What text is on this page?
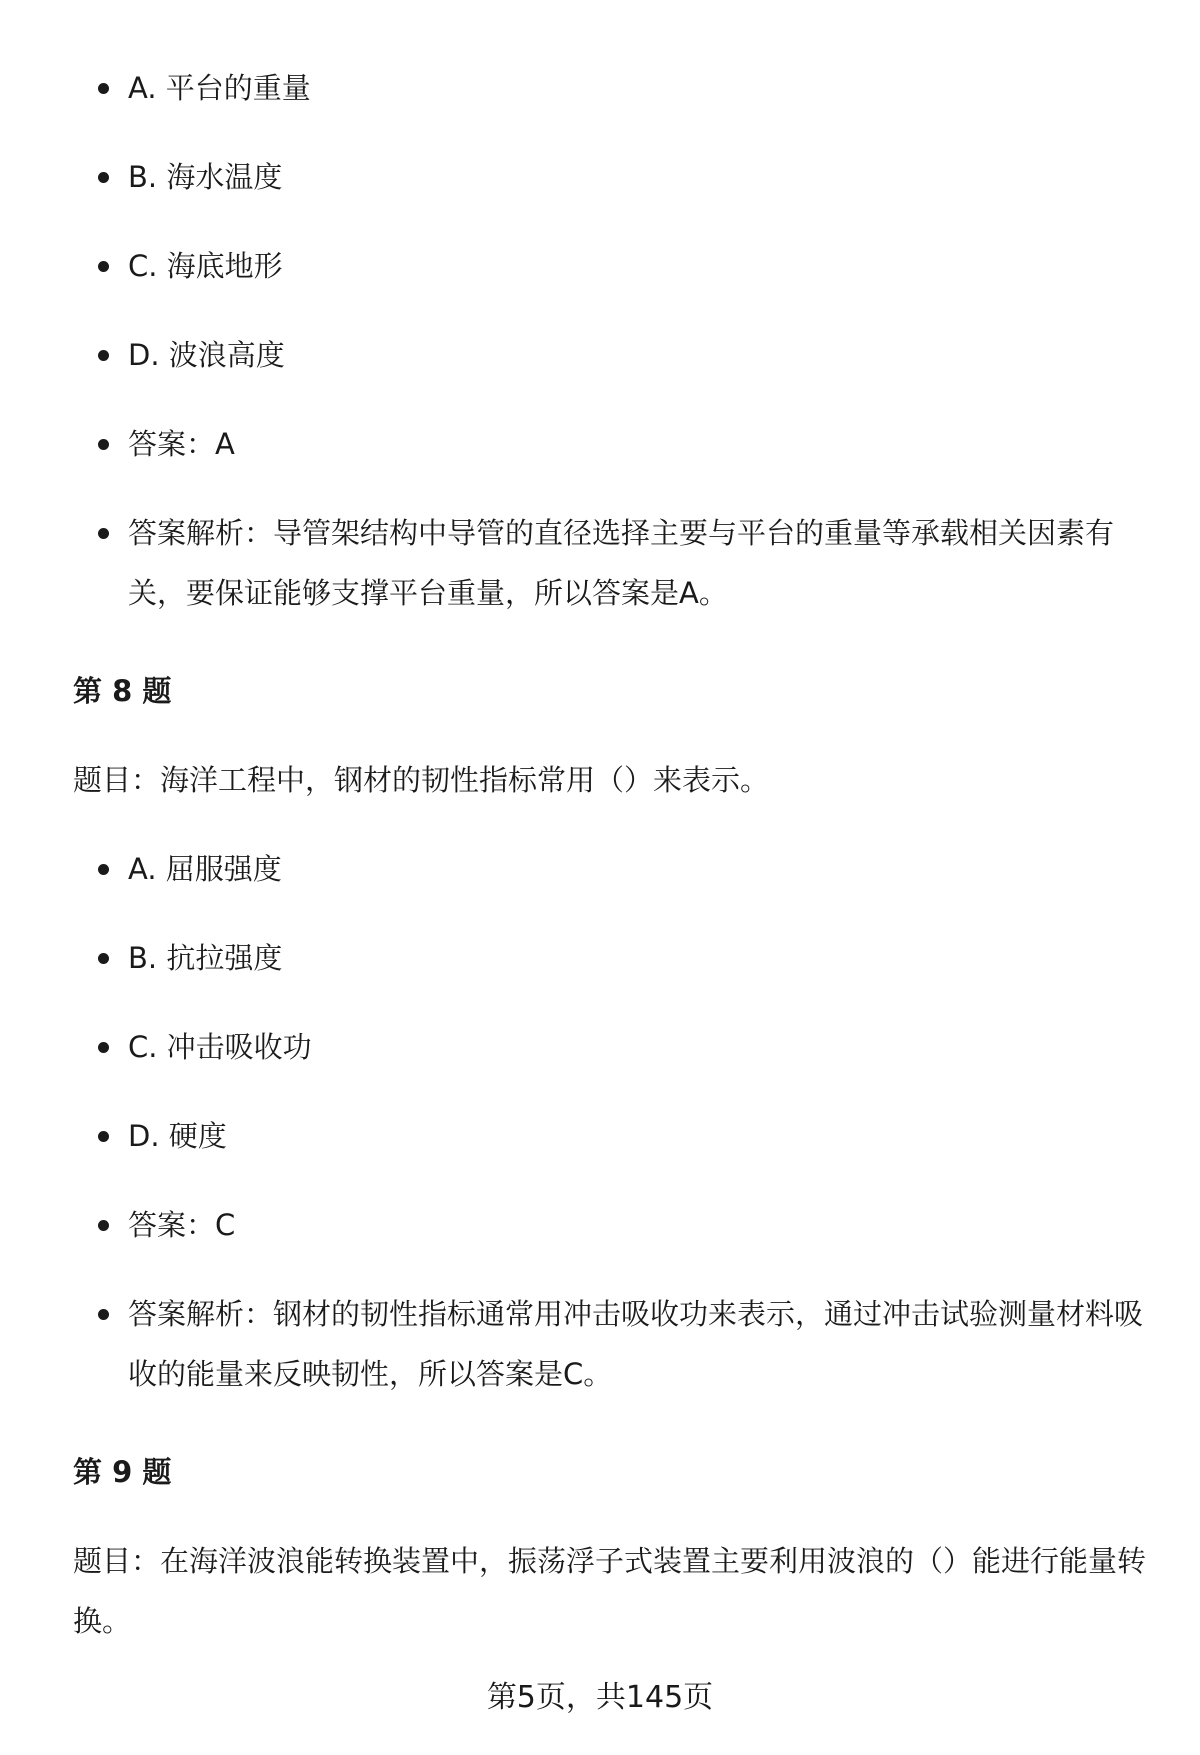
A. 平台的重量
B. 海水温度
C. 海底地形
D. 波浪高度
答案：A
答案解析：导管架结构中导管的直径选择主要与平台的重量等承载相关因素有关，要保证能够支撑平台重量，所以答案是A。
第 8 题
题目：海洋工程中，钢材的韧性指标常用（）来表示。
A. 屈服强度
B. 抗拉强度
C. 冲击吸收功
D. 硬度
答案：C
答案解析：钢材的韧性指标通常用冲击吸收功来表示，通过冲击试验测量材料吸收的能量来反映韧性，所以答案是C。
第 9 题
题目：在海洋波浪能转换装置中，振荡浮子式装置主要利用波浪的（）能进行能量转换。
第5页，共145页
